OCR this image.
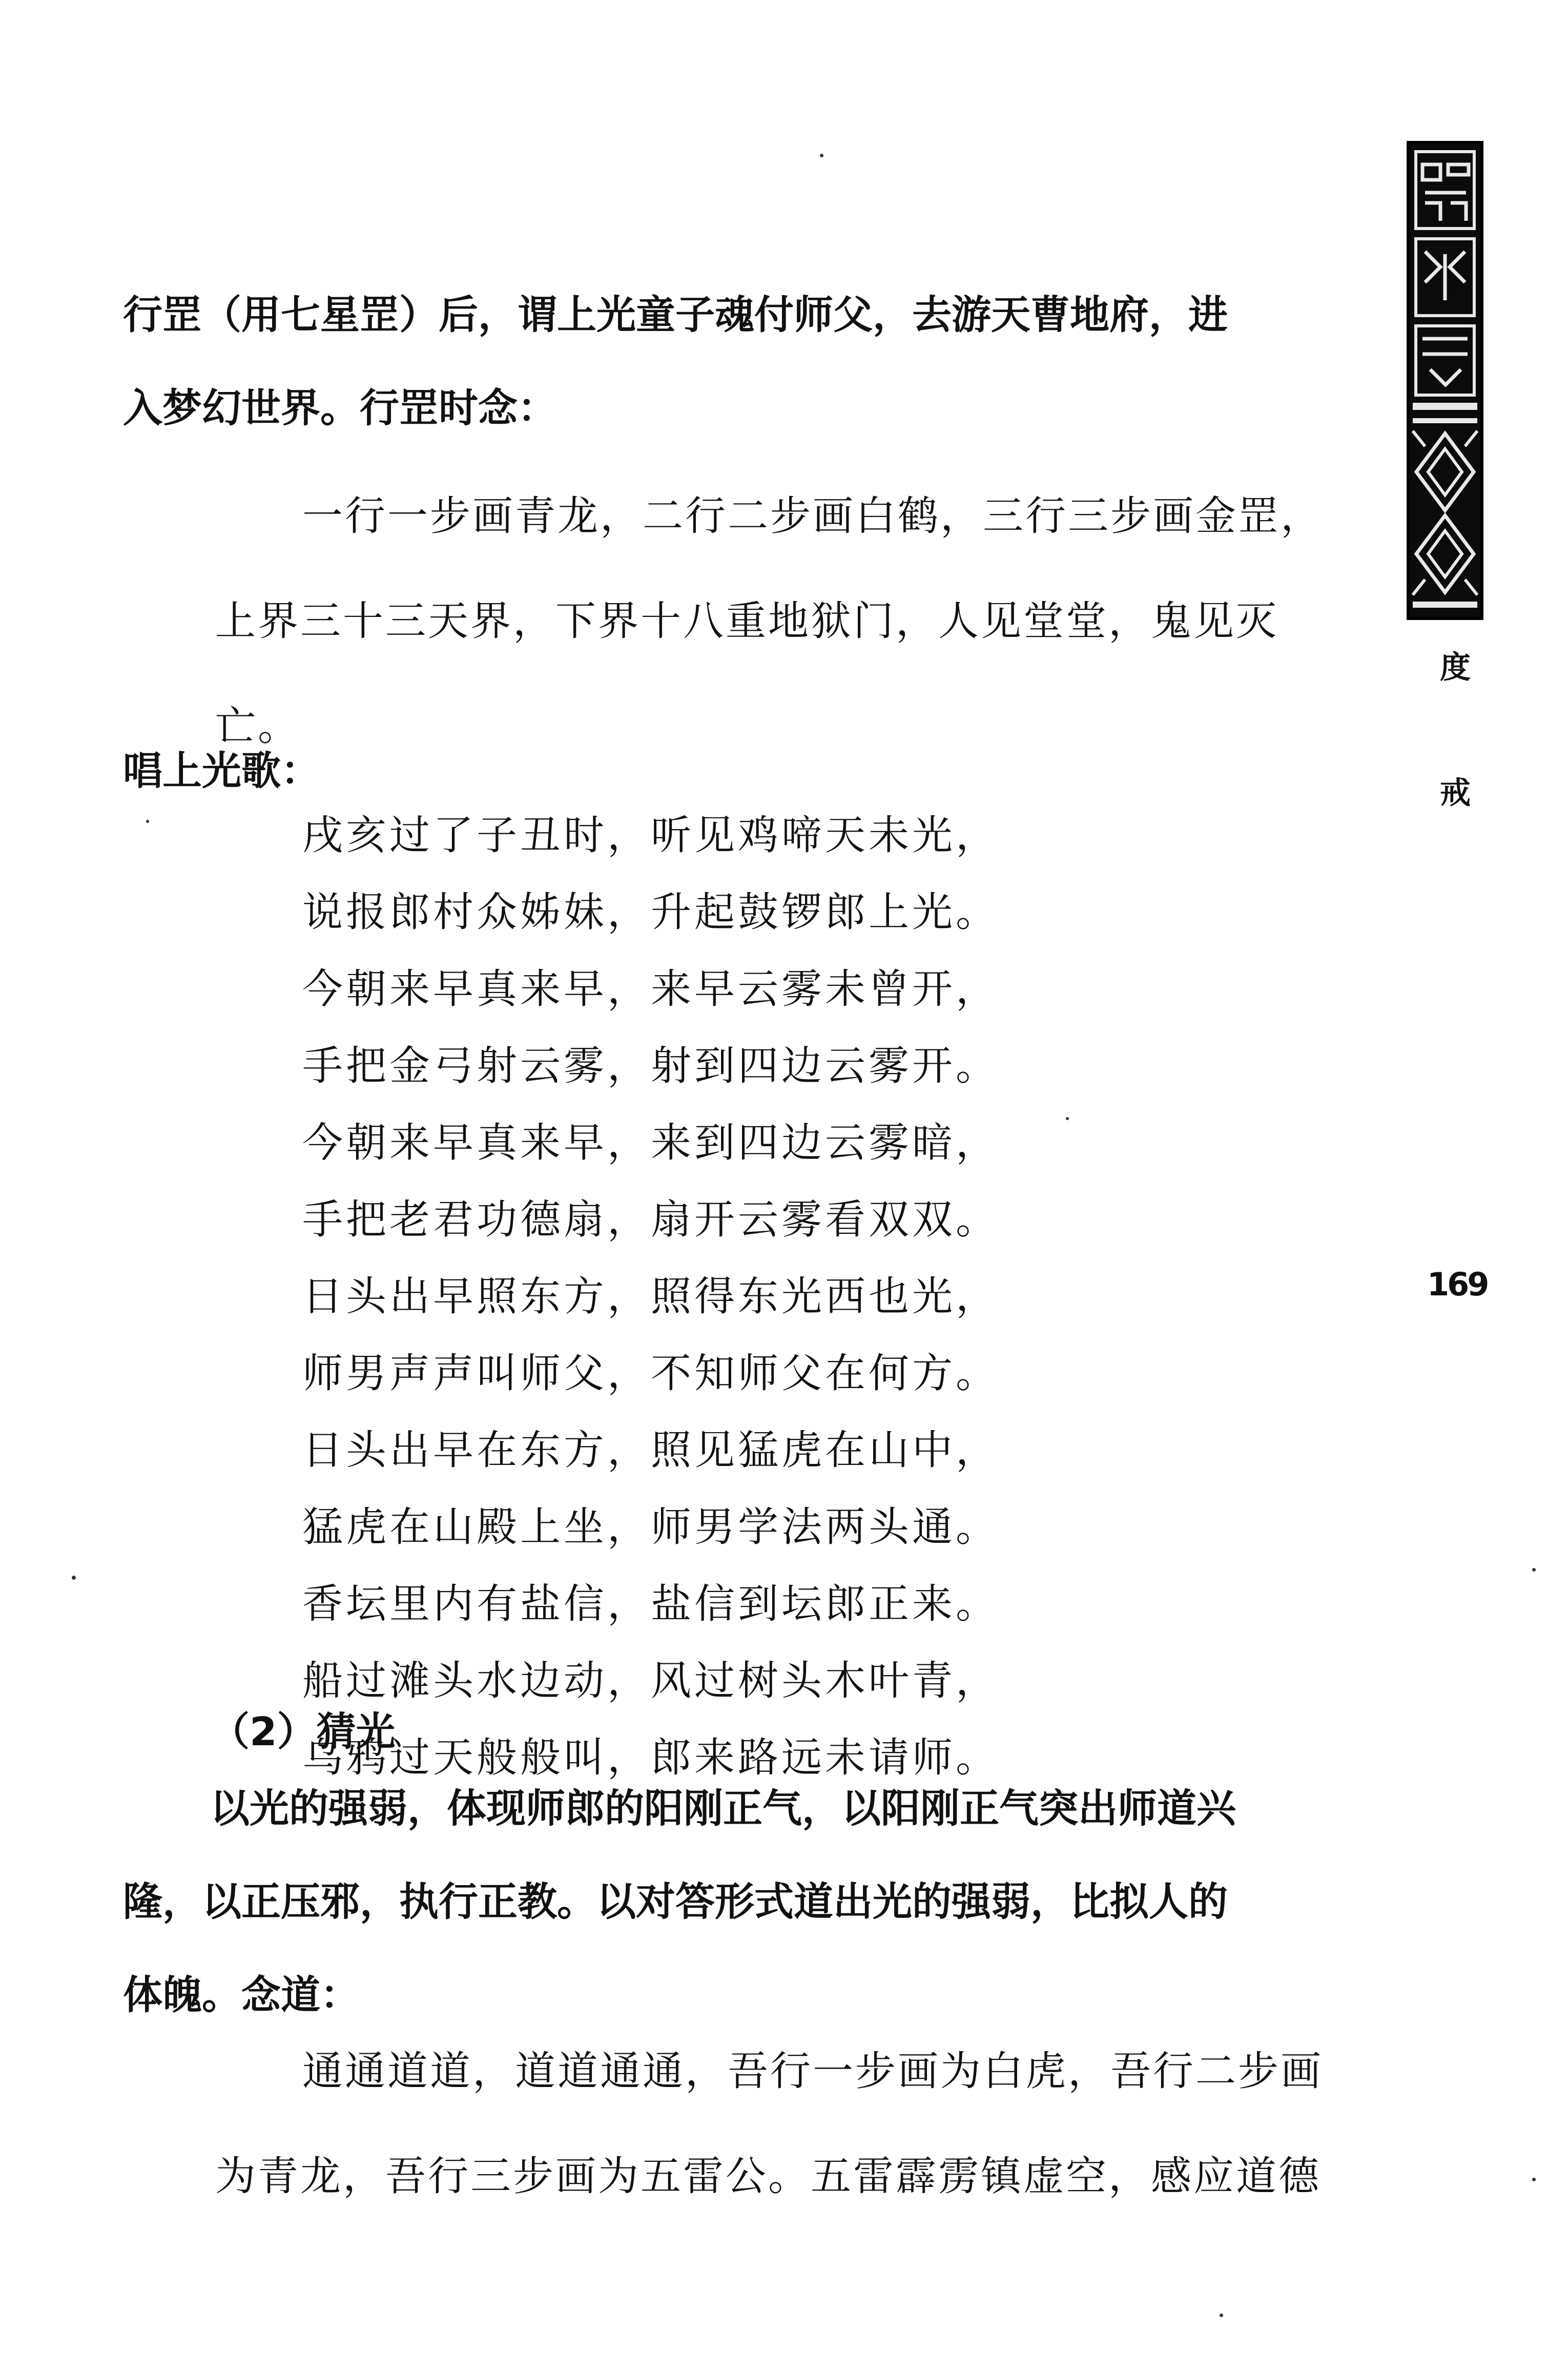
行罡（用七星罡）后，谓上光童子魂付师父，去游天曹地府，进
入梦幻世界。行罡时念：
一行一步画青龙，二行二步画白鹤，三行三步画金罡，
上界三十三天界，下界十八重地狱门，人见堂堂，鬼见灭
亡。
唱上光歌：
戌亥过了子丑时，听见鸡啼天未光，
说报郎村众姊妹，升起鼓锣郎上光。
今朝来早真来早，来早云雾未曾开，
手把金弓射云雾，射到四边云雾开。
今朝来早真来早，来到四边云雾暗，
手把老君功德扇，扇开云雾看双双。
日头出早照东方，照得东光西也光，
师男声声叫师父，不知师父在何方。
日头出早在东方，照见猛虎在山中，
猛虎在山殿上坐，师男学法两头通。
香坛里内有盐信，盐信到坛郎正来。
船过滩头水边动，风过树头木叶青，
乌鸦过天般般叫，郎来路远未请师。
（2）猜光
以光的强弱，体现师郎的阳刚正气，以阳刚正气突出师道兴
隆，以正压邪，执行正教。以对答形式道出光的强弱，比拟人的
体魄。念道：
通通道道，道道通通，吾行一步画为白虎，吾行二步画
为青龙，吾行三步画为五雷公。五雷霹雳镇虚空，感应道德
度
戒
169
